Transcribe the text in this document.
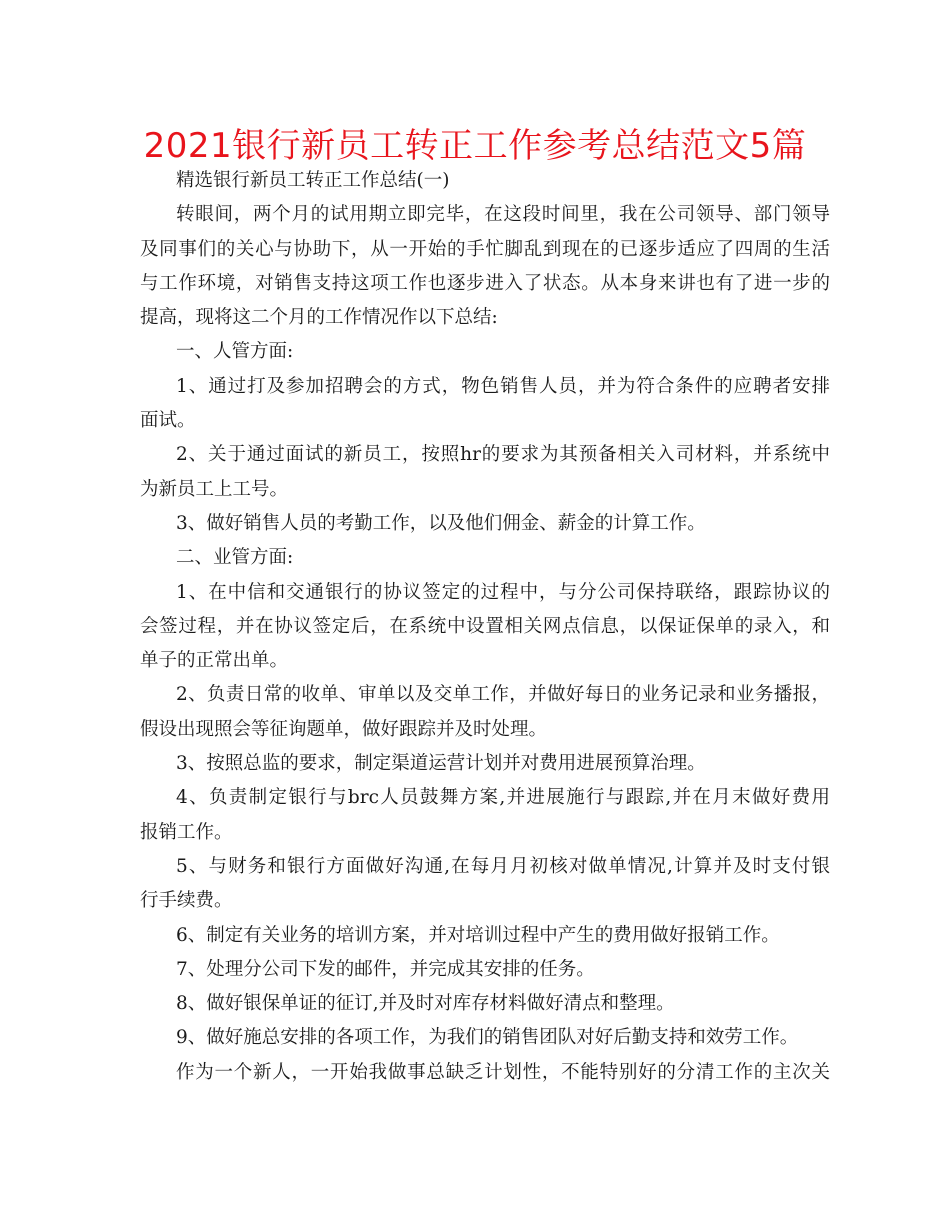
2021银行新员工转正工作参考总结范文5篇
精选银行新员工转正工作总结(一)
转眼间，两个月的试用期立即完毕，在这段时间里，我在公司领导、部门领导
及同事们的关心与协助下，从一开始的手忙脚乱到现在的已逐步适应了四周的生活
与工作环境，对销售支持这项工作也逐步进入了状态。从本身来讲也有了进一步的
提高，现将这二个月的工作情况作以下总结:
一、人管方面:
1、通过打及参加招聘会的方式，物色销售人员，并为符合条件的应聘者安排
面试。
2、关于通过面试的新员工，按照hr的要求为其预备相关入司材料，并系统中
为新员工上工号。
3、做好销售人员的考勤工作，以及他们佣金、薪金的计算工作。
二、业管方面:
1、在中信和交通银行的协议签定的过程中，与分公司保持联络，跟踪协议的
会签过程，并在协议签定后，在系统中设置相关网点信息，以保证保单的录入，和
单子的正常出单。
2、负责日常的收单、审单以及交单工作，并做好每日的业务记录和业务播报，
假设出现照会等征询题单，做好跟踪并及时处理。
3、按照总监的要求，制定渠道运营计划并对费用进展预算治理。
4、负责制定银行与brc人员鼓舞方案,并进展施行与跟踪,并在月末做好费用
报销工作。
5、与财务和银行方面做好沟通,在每月月初核对做单情况,计算并及时支付银
行手续费。
6、制定有关业务的培训方案，并对培训过程中产生的费用做好报销工作。
7、处理分公司下发的邮件，并完成其安排的任务。
8、做好银保单证的征订,并及时对库存材料做好清点和整理。
9、做好施总安排的各项工作，为我们的销售团队对好后勤支持和效劳工作。
作为一个新人，一开始我做事总缺乏计划性，不能特别好的分清工作的主次关
